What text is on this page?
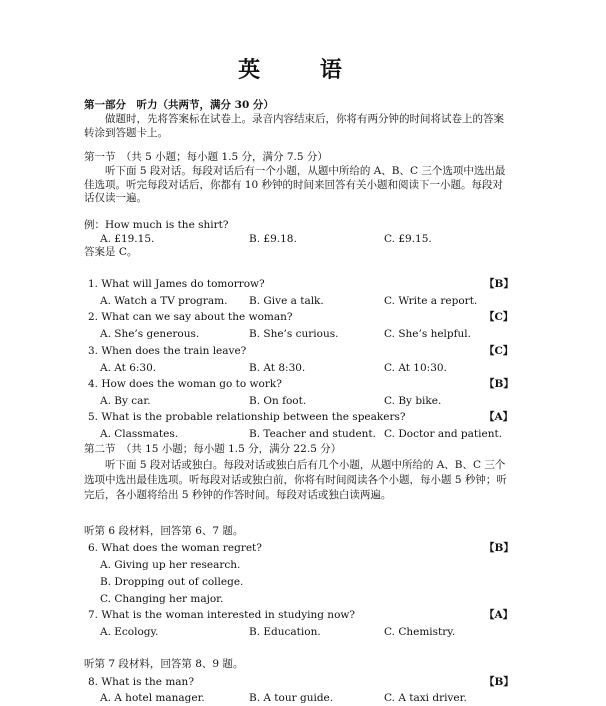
英 语
第一部分　听力（共两节，满分 30 分）

做题时，先将答案标在试卷上。录音内容结束后，你将有两分钟的时间将试卷上的答案转涂到答题卡上。

第一节　（共 5 小题；每小题 1.5 分，满分 7.5 分）

听下面 5 段对话。每段对话后有一个小题，从题中所给的 A、B、C 三个选项中选出最佳选项。听完每段对话后，你都有 10 秒钟的时间来回答有关小题和阅读下一小题。每段对话仅读一遍。

例：How much is the shirt?
A. £19.15.	B. £9.18.	C. £9.15.
答案是 C。
1. What will James do tomorrow?	【B】
A. Watch a TV program. B. Give a talk.	C. Write a report.
2. What can we say about the woman?	【C】
A. She’s generous.	B. She’s curious.	C. She’s helpful.
3. When does the train leave?	【C】
A. At 6:30.	B. At 8:30.	C. At 10:30.
4. How does the woman go to work?	【B】
A. By car.	B. On foot.	C. By bike.
5. What is the probable relationship between the speakers?	【A】
A. Classmates.	B. Teacher and student. C. Doctor and patient.
第二节　（共 15 小题；每小题 1.5 分，满分 22.5 分）

听下面 5 段对话或独白。每段对话或独白后有几个小题，从题中所给的 A、B、C 三个选项中选出最佳选项。听每段对话或独白前，你将有时间阅读各个小题，每小题 5 秒钟；听完后，各小题将给出 5 秒钟的作答时间。每段对话或独白读两遍。

听第 6 段材料，回答第 6、7 题。
6. What does the woman regret?	【B】
A. Giving up her research.
B. Dropping out of college.
C. Changing her major.
7. What is the woman interested in studying now?	【A】
A. Ecology.	B. Education.	C. Chemistry.
听第 7 段材料，回答第 8、9 题。
8. What is the man?	【B】
A. A hotel manager.	B. A tour guide.	C. A taxi driver.
